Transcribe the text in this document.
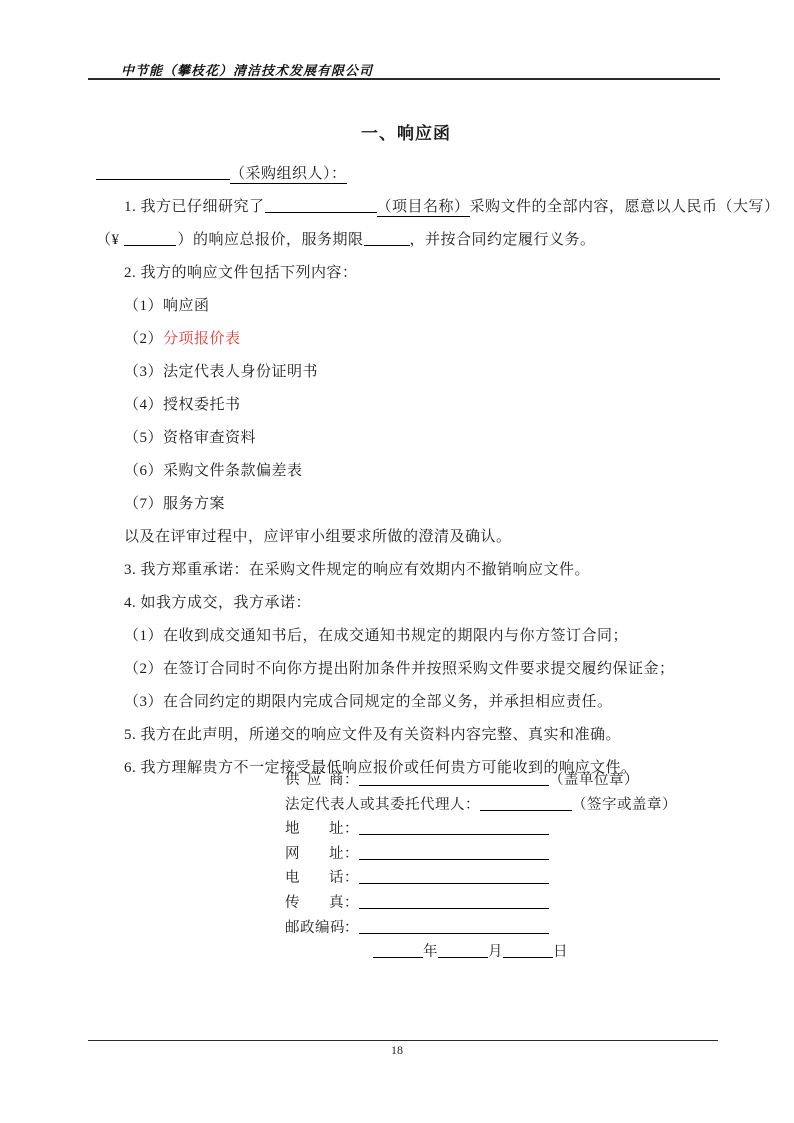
中节能（攀枝花）清洁技术发展有限公司
一、响应函
（采购组织人）：
1. 我方已仔细研究了	（项目名称）采购文件的全部内容，愿意以人民币（大写）
（¥	）的响应总报价，服务期限	，并按合同约定履行义务。
2. 我方的响应文件包括下列内容：
（1）响应函
（2）分项报价表
（3）法定代表人身份证明书
（4）授权委托书
（5）资格审查资料
（6）采购文件条款偏差表
（7）服务方案
以及在评审过程中，应评审小组要求所做的澄清及确认。
3. 我方郑重承诺：在采购文件规定的响应有效期内不撤销响应文件。
4. 如我方成交，我方承诺：
（1）在收到成交通知书后，在成交通知书规定的期限内与你方签订合同；
（2）在签订合同时不向你方提出附加条件并按照采购文件要求提交履约保证金；
（3）在合同约定的期限内完成合同规定的全部义务，并承担相应责任。
5. 我方在此声明，所递交的响应文件及有关资料内容完整、真实和准确。
6. 我方理解贵方不一定接受最低响应报价或任何贵方可能收到的响应文件。
供应商：	（盖单位章）
法定代表人或其委托代理人：	（签字或盖章）
地址：
网址：
电话：
传真：
邮政编码：
年	月	日
18
